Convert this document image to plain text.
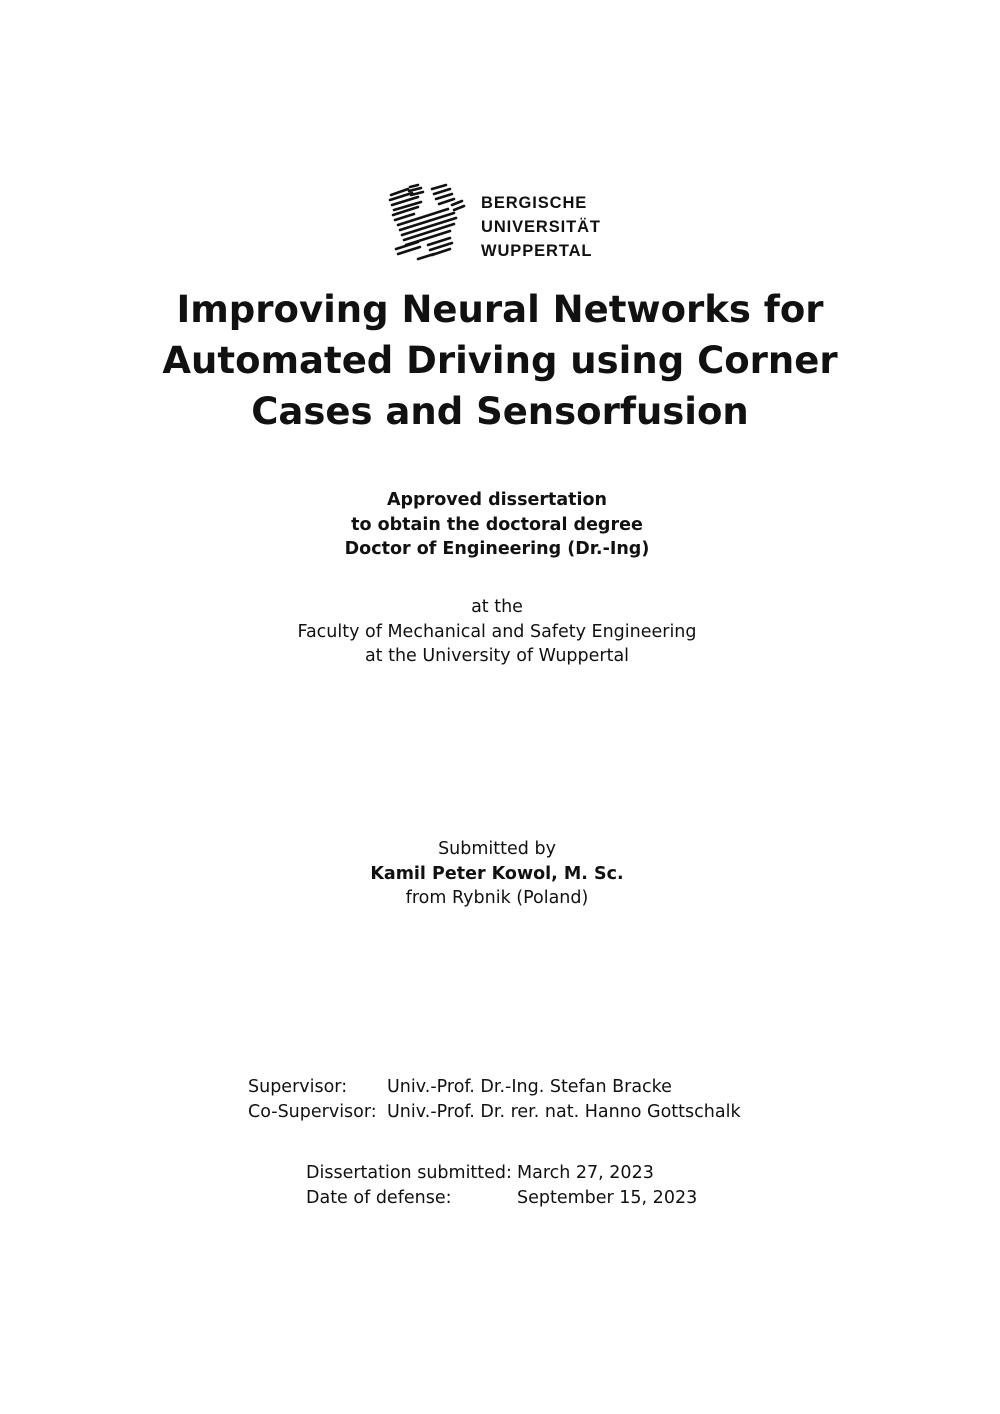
BERGISCHE
UNIVERSITÄT
WUPPERTAL
Improving Neural Networks for
Automated Driving using Corner
Cases and Sensorfusion
Approved dissertation
to obtain the doctoral degree
Doctor of Engineering (Dr.-Ing)
at the
Faculty of Mechanical and Safety Engineering
at the University of Wuppertal
Submitted by
Kamil Peter Kowol, M. Sc.
from Rybnik (Poland)
Supervisor: Univ.-Prof. Dr.-Ing. Stefan Bracke
Co-Supervisor: Univ.-Prof. Dr. rer. nat. Hanno Gottschalk
Dissertation submitted: March 27, 2023
Date of defense:	September 15, 2023
